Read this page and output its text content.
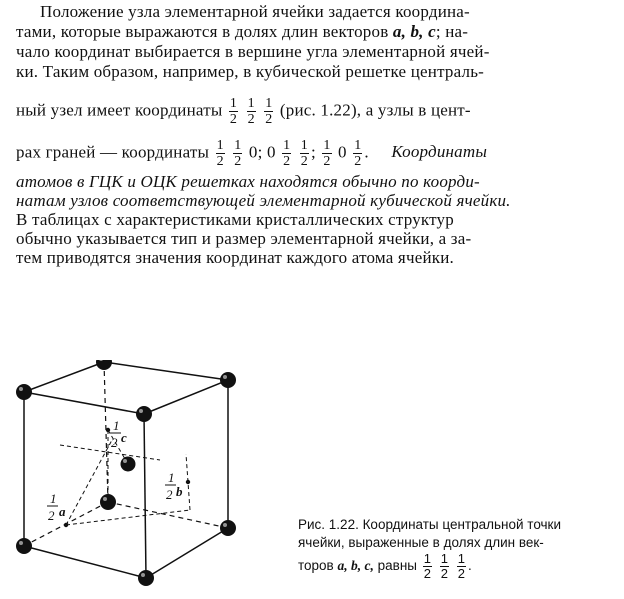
Положение узла элементарной ячейки задается координа-
тами, которые выражаются в долях длин векторов a, b, c; на-
чало координат выбирается в вершине угла элементарной ячей-
ки. Таким образом, например, в кубической решетке централь-
ный узел имеет координаты $\frac{1}{2}$
$\frac{1}{2}$
$\frac{1}{2} (рис$. 1.22), а узлы в цент-
рах граней — координаты $\frac{1}{2}$
$\frac{1}{2} 0$; $0 \frac{1}{2}$
$\frac{1}{2}$ ; $\frac{1}{2} 0 \frac{1}{2}$ . Координаты
атомов в ГЦК и ОЦК решетках находятся обычно по коорди-
натам узлов соответствующей элементарной кубической ячейки.
В таблицах с характеристиками кристаллических структур
обычно указывается тип и размер элементарной ячейки, а за-
тем приводятся значения координат каждого атома ячейки.
1
2 a
1
2 b
1
2 c
Рис. 1.22. Координаты центральной точки
ячейки, выраженные в долях длин век-
торов a, b, c, равны $\frac{1}{2}$
$\frac{1}{2}$
$\frac{1}{2}$ .
